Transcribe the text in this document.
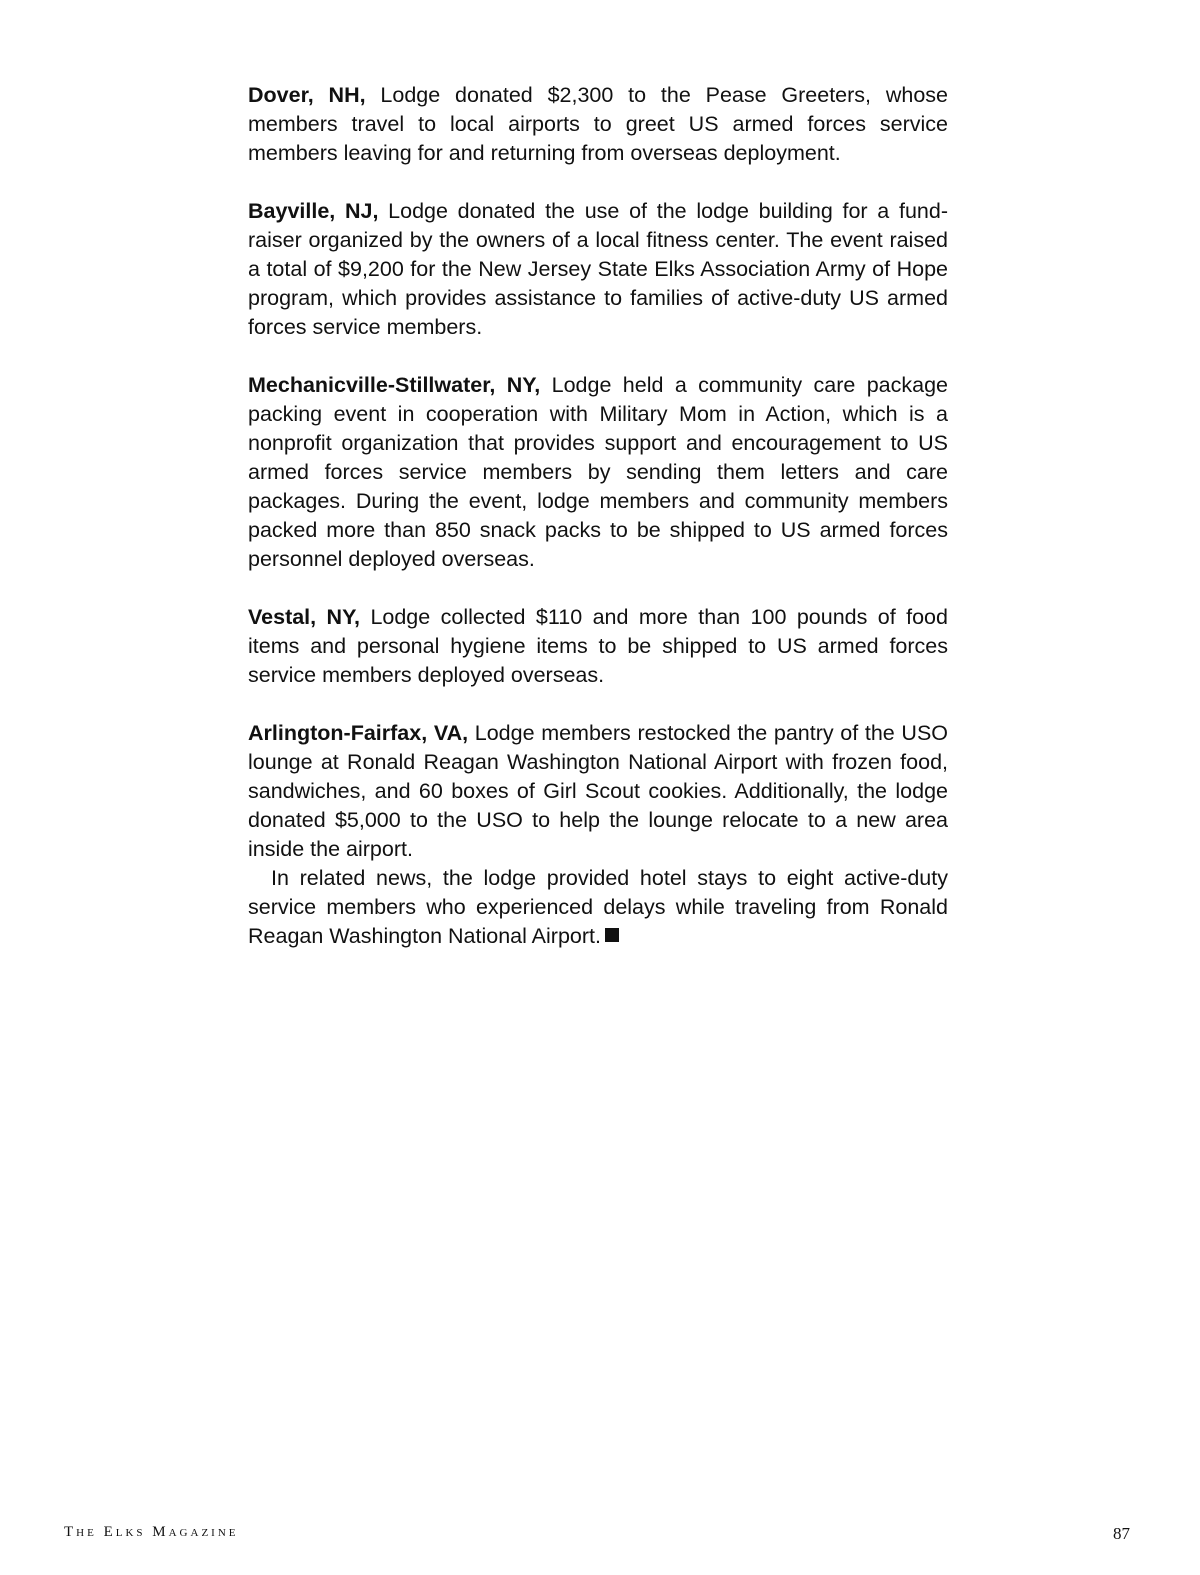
Dover, NH, Lodge donated $2,300 to the Pease Greeters, whose members travel to local airports to greet US armed forces service members leaving for and returning from overseas deployment.

Bayville, NJ, Lodge donated the use of the lodge building for a fundraiser organized by the owners of a local fitness center. The event raised a total of $9,200 for the New Jersey State Elks Association Army of Hope program, which provides assistance to families of active-duty US armed forces service members.

Mechanicville-Stillwater, NY, Lodge held a community care package packing event in cooperation with Military Mom in Action, which is a nonprofit organization that provides support and encouragement to US armed forces service members by sending them letters and care packages. During the event, lodge members and community members packed more than 850 snack packs to be shipped to US armed forces personnel deployed overseas.

Vestal, NY, Lodge collected $110 and more than 100 pounds of food items and personal hygiene items to be shipped to US armed forces service members deployed overseas.

Arlington-Fairfax, VA, Lodge members restocked the pantry of the USO lounge at Ronald Reagan Washington National Airport with frozen food, sandwiches, and 60 boxes of Girl Scout cookies. Additionally, the lodge donated $5,000 to the USO to help the lounge relocate to a new area inside the airport.

In related news, the lodge provided hotel stays to eight active-duty service members who experienced delays while traveling from Ronald Reagan Washington National Airport.

The Elks Magazine	87
